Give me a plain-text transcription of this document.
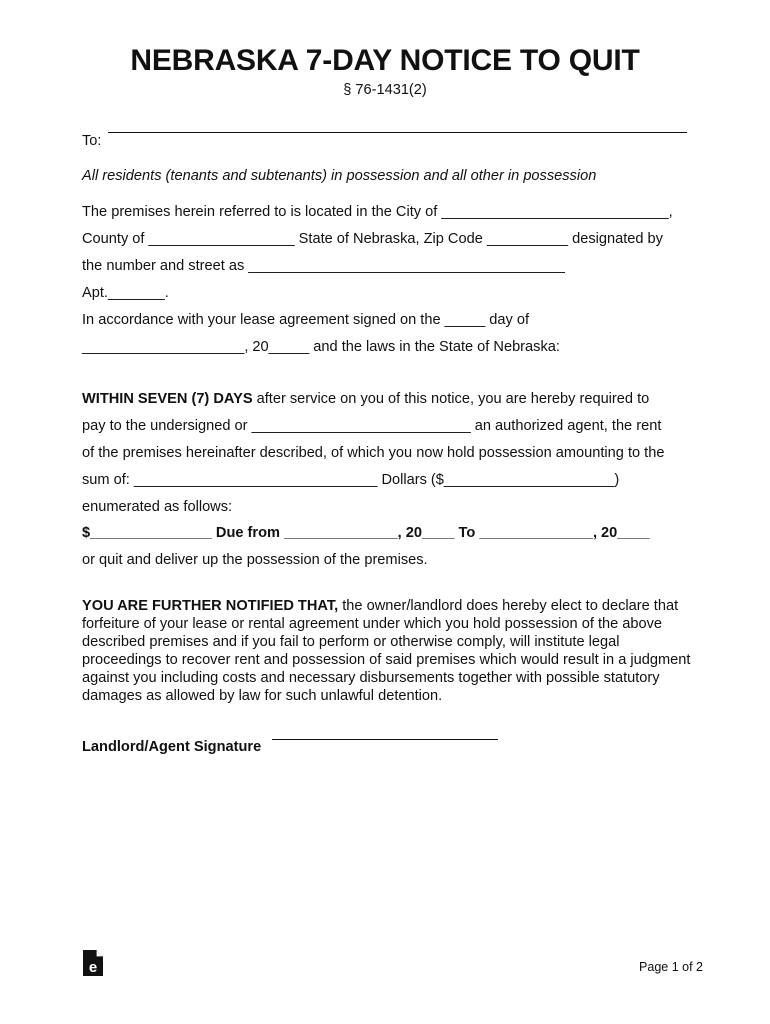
NEBRASKA 7-DAY NOTICE TO QUIT
§ 76-1431(2)
To:
All residents (tenants and subtenants) in possession and all other in possession
The premises herein referred to is located in the City of ____________________________,
County of __________________ State of Nebraska, Zip Code __________ designated by
the number and street as _______________________________________
Apt._______.
In accordance with your lease agreement signed on the _____ day of
____________________, 20_____ and the laws in the State of Nebraska:
WITHIN SEVEN (7) DAYS after service on you of this notice, you are hereby required to
pay to the undersigned or ___________________________ an authorized agent, the rent
of the premises hereinafter described, of which you now hold possession amounting to the
sum of: ______________________________ Dollars ($_____________________)
enumerated as follows:
$_______________ Due from ______________, 20____ To ______________, 20____
or quit and deliver up the possession of the premises.
YOU ARE FURTHER NOTIFIED THAT, the owner/landlord does hereby elect to declare that forfeiture of your lease or rental agreement under which you hold possession of the above described premises and if you fail to perform or otherwise comply, will institute legal proceedings to recover rent and possession of said premises which would result in a judgment against you including costs and necessary disbursements together with possible statutory damages as allowed by law for such unlawful detention.
Landlord/Agent Signature
e	Page 1 of 2
